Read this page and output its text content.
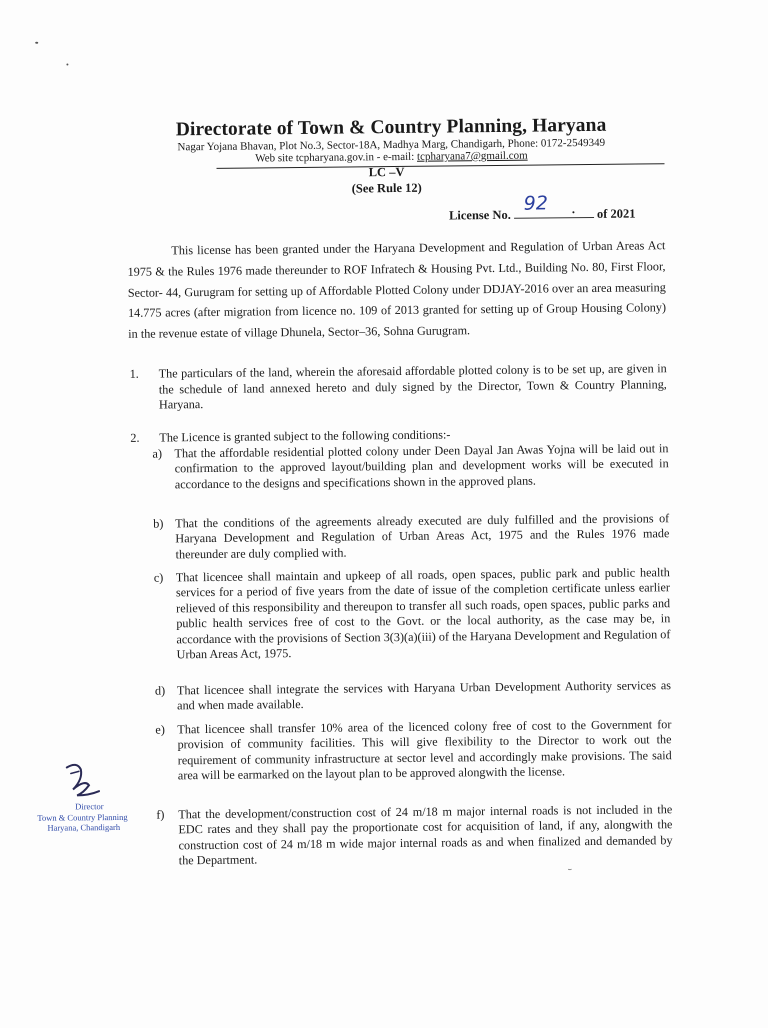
Directorate of Town & Country Planning, Haryana
Nagar Yojana Bhavan, Plot No.3, Sector-18A, Madhya Marg, Chandigarh, Phone: 0172-2549349
Web site tcpharyana.gov.in - e-mail: tcpharyana7@gmail.com
LC –V
(See Rule 12)
License No.
92 . of 2021
This license has been granted under the Haryana Development and Regulation of Urban Areas Act 1975 & the Rules 1976 made thereunder to ROF Infratech & Housing Pvt. Ltd., Building No. 80, First Floor, Sector- 44, Gurugram for setting up of Affordable Plotted Colony under DDJAY-2016 over an area measuring 14.775 acres (after migration from licence no. 109 of 2013 granted for setting up of Group Housing Colony) in the revenue estate of village Dhunela, Sector–36, Sohna Gurugram.
1. The particulars of the land, wherein the aforesaid affordable plotted colony is to be set up, are given in the schedule of land annexed hereto and duly signed by the Director, Town & Country Planning, Haryana.
2. The Licence is granted subject to the following conditions:-
a) That the affordable residential plotted colony under Deen Dayal Jan Awas Yojna will be laid out in confirmation to the approved layout/building plan and development works will be executed in accordance to the designs and specifications shown in the approved plans.
b) That the conditions of the agreements already executed are duly fulfilled and the provisions of Haryana Development and Regulation of Urban Areas Act, 1975 and the Rules 1976 made thereunder are duly complied with.
c) That licencee shall maintain and upkeep of all roads, open spaces, public park and public health services for a period of five years from the date of issue of the completion certificate unless earlier relieved of this responsibility and thereupon to transfer all such roads, open spaces, public parks and public health services free of cost to the Govt. or the local authority, as the case may be, in accordance with the provisions of Section 3(3)(a)(iii) of the Haryana Development and Regulation of Urban Areas Act, 1975.
d) That licencee shall integrate the services with Haryana Urban Development Authority services as and when made available.
e) That licencee shall transfer 10% area of the licenced colony free of cost to the Government for provision of community facilities. This will give flexibility to the Director to work out the requirement of community infrastructure at sector level and accordingly make provisions. The said area will be earmarked on the layout plan to be approved alongwith the license.
f) That the development/construction cost of 24 m/18 m major internal roads is not included in the EDC rates and they shall pay the proportionate cost for acquisition of land, if any, alongwith the construction cost of 24 m/18 m wide major internal roads as and when finalized and demanded by the Department.
Director
Town & Country Planning
Haryana, Chandigarh
